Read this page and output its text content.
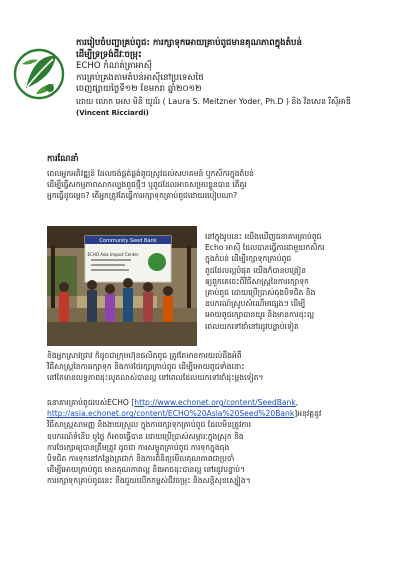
ការរៀបចំបញ្ជាគ្រប់ពូជ: ការក្សាទុកអោយគ្រាប់ពូជមានគុណភាពក្នុងតំបន់
ដើម្បីទ្រទ្រង់ជីវៈចម្រុះ
ECHO កំណត់ត្រាអាស៊ី
ការគ្រប់គ្រងតាមតំបន់អាស៊ីនៅប្រទេសថៃ
ចេញផ្សាយថ្ងៃទី១២ ខែមករា ឆ្នាំ២០១២
ដោយ លោក អេស មិនី យូដ័រ ( Laura S. Meitzner Yoder, Ph.D ) និង វិនសេន រីស៊ីអាឌី
(Vincent Ricciardi)
ការណែនាំ
ពេលអ្នកអភិវឌ្ឍន៍ ដែលចង់ផ្គត់ផ្គង់ពូជស្រូវដល់សហគមន៍ ឬកសិករក្នុងតំបន់
ដើម្បីធ្វើសកម្មភាពសាកល្បងពូជថ្មីៗ ឬពូជដែលអាចសម្របខ្លួនបាន តើគួរ
អ្នកធ្វើដូចម្តេច? តើអ្នកត្រូវតែធ្វើការរក្សាទុកគ្រាប់ពូជដោយរបៀបណា?
Community Seed Bank
ECHO Asia Impact Center
នៅក្នុងរូបនេះ យើងឃើញធនាគារគ្រាប់ពូជ
Echo អាស៊ី ដែលបានធ្វើការជាមួយកសិករ
ក្នុងតំបន់ ដើម្បីរក្សាទុកគ្រាប់ពូជ
ពូជដែលល្អបំផុត យើងក៏បានបង្រៀន
ឲ្យពួកគេចេះពីវិធីសាស្ត្រនៃការរក្សាទុក
គ្រាប់ពូជ ដោយប្រើប្រាស់ធុងបិទជិត និង
ឧបករណ៍ស្រូបសំណើមផ្សេងៗ ដើម្បី
អោយពូជរក្សាបានយូរ និងមានការដុះល្អ
ពេលយកទៅដាំនៅរដូវបន្ទាប់ទៀត
និងអ្នកស្រាវជ្រាវ ក៏ដូចជាក្រុមហ៊ុនផលិតពូជ ត្រូវតែមានការយល់ដឹងអំពី
វិធីសាស្ត្រនៃការរក្សាទុក និងការថែរក្សាគ្រាប់ពូជ ដើម្បីអោយពូជទាំងនោះ
នៅតែមានលទ្ធភាពដុះលូតលាស់បានល្អ នៅពេលដែលយកទៅដាំដុះម្តងទៀត។
ធនាគារគ្រាប់ពូជរបស់ECHO [http://www.echonet.org/content/SeedBank,
http://asia.echonet.org/content/ECHO%20Asia%20Seed%20Bank]អនុវត្តនូវ
វិធីសាស្ត្រសាមញ្ញ និងងាយស្រួល ក្នុងការរក្សាទុកគ្រាប់ពូជ ដែលមិនត្រូវការ
ឧបករណ៍ទំនើប ឬថ្លៃ ក៏អាចធ្វើបាន ដោយប្រើប្រាស់សម្ភារៈក្នុងស្រុក និង
ការថែរក្សាឲ្យបានត្រឹមត្រូវ ដូចជា ការសម្ងួតគ្រាប់ពូជ ការទុកក្នុងធុង
បិទជិត ការទុកនៅកន្លែងត្រជាក់ និងការពិនិត្យមើលគុណភាពជាប្រចាំ
ដើម្បីអោយគ្រាប់ពូជ មានគុណភាពល្អ និងអាចដុះបានល្អ នៅរដូវបន្ទាប់។
ការរក្សាទុកគ្រាប់ពូជនេះ នឹងជួយលើកកម្ពស់ជីវចម្រុះ និងសន្តិសុខស្បៀង។
